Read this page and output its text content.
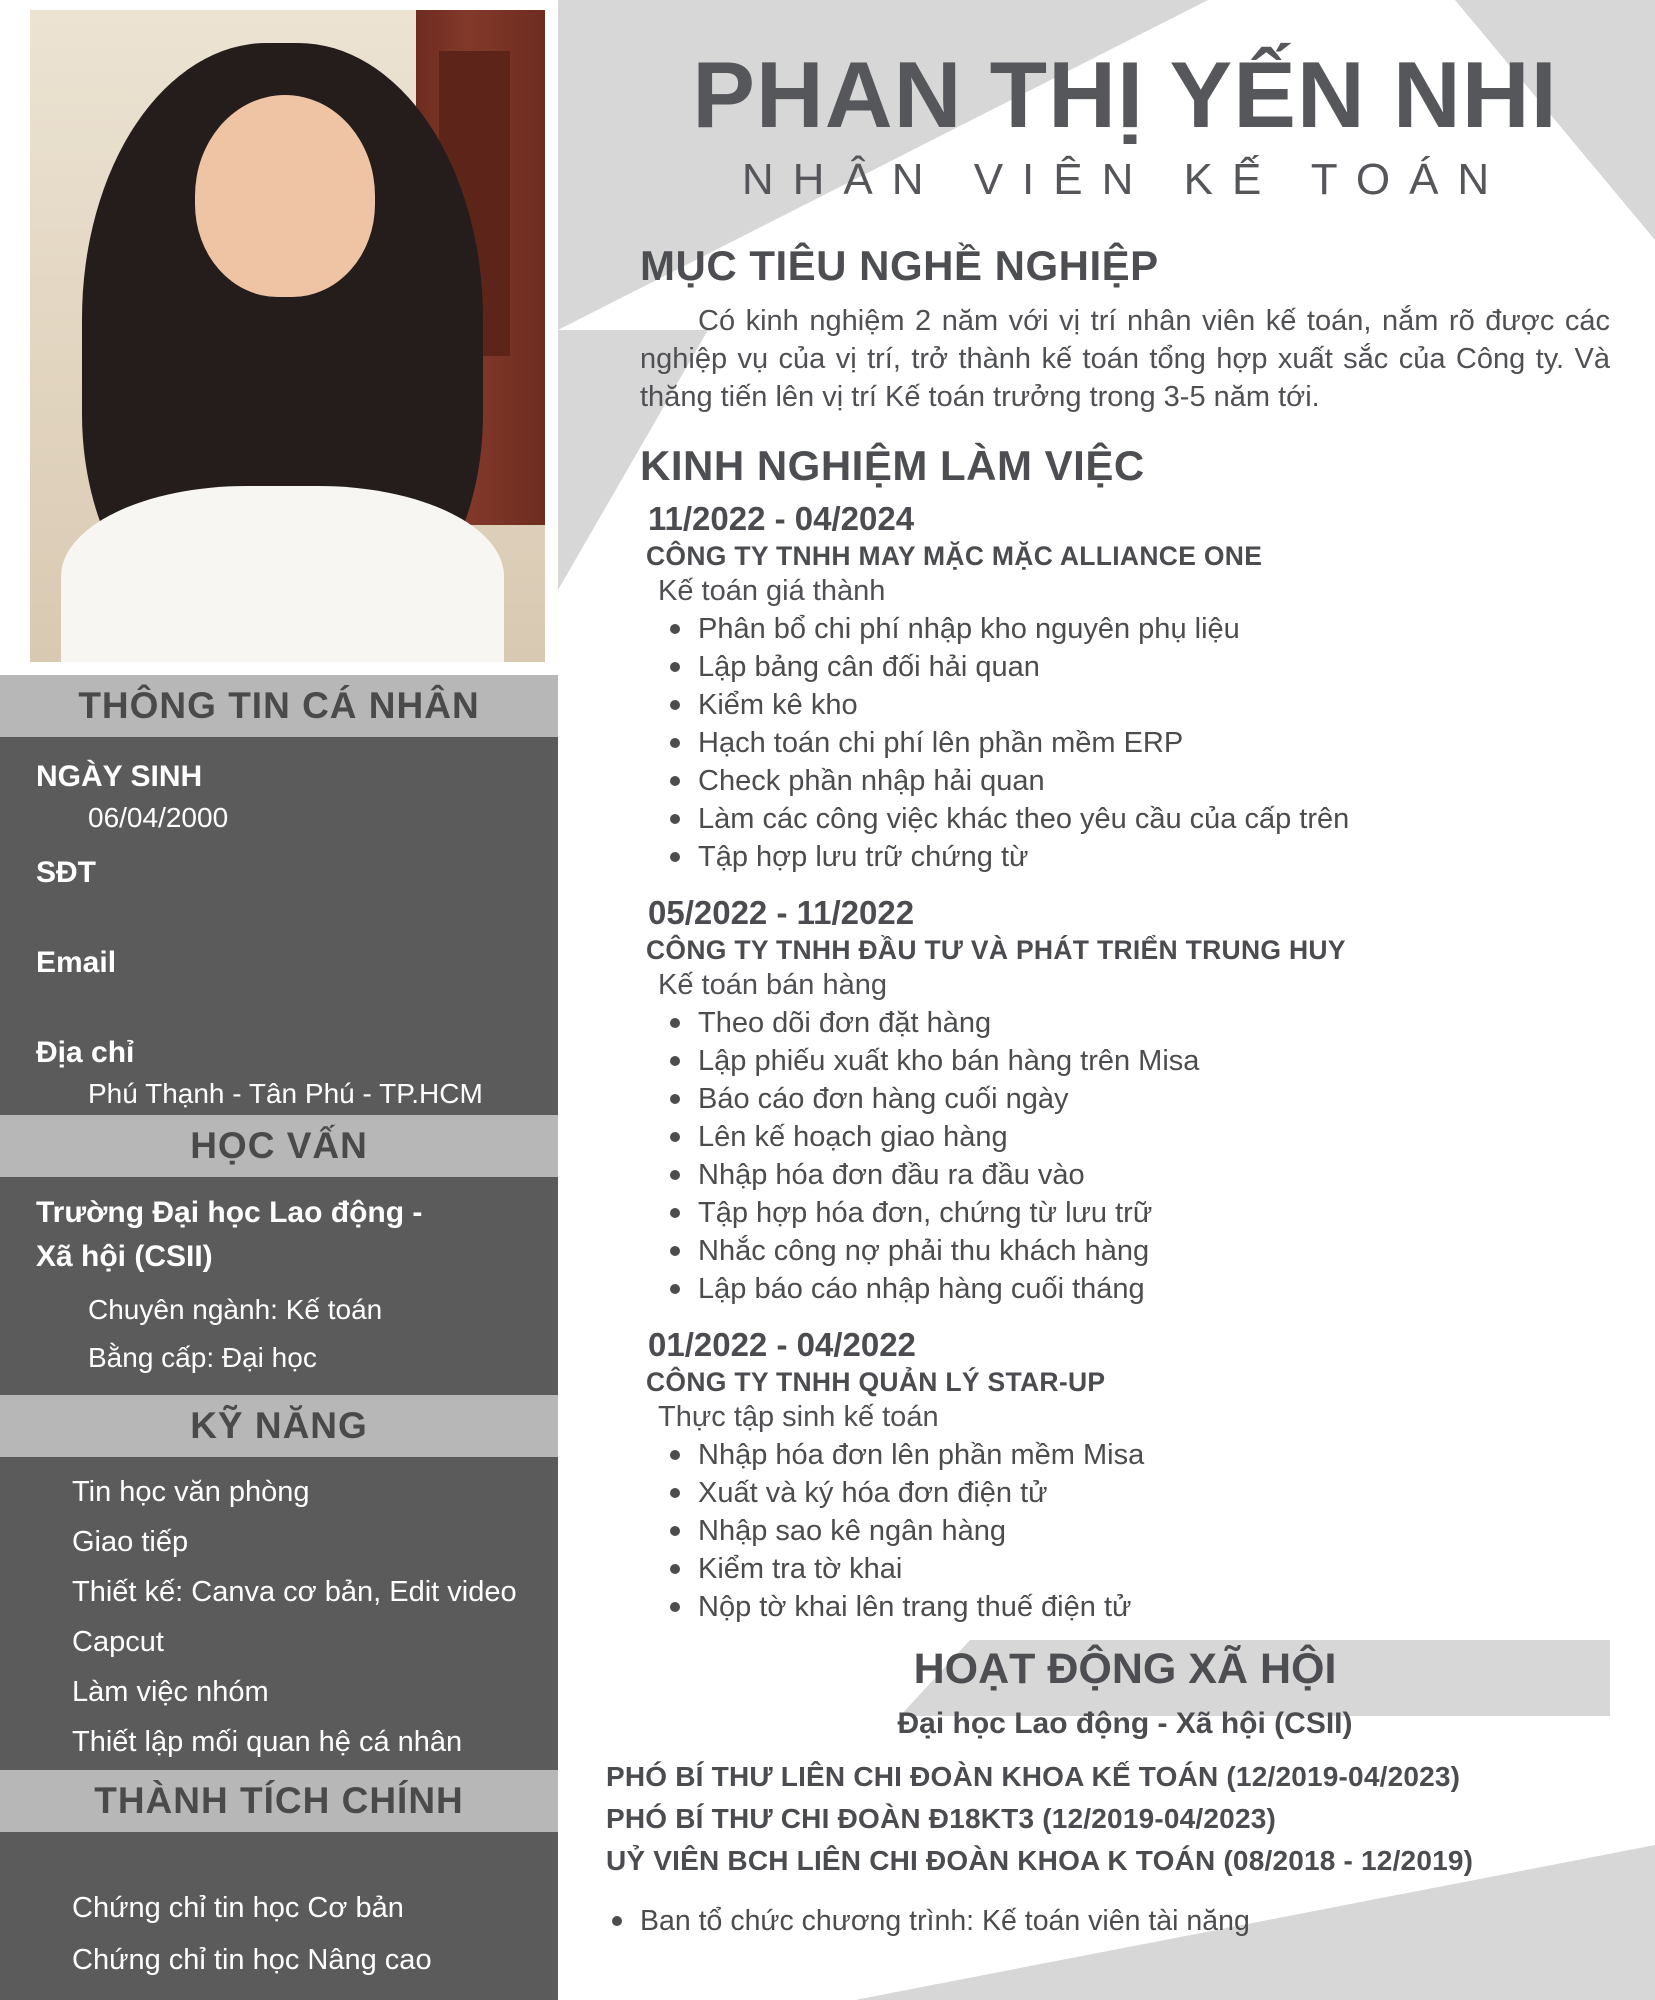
THÔNG TIN CÁ NHÂN
NGÀY SINH
06/04/2000
SĐT
Email
Địa chỉ
Phú Thạnh - Tân Phú - TP.HCM
HỌC VẤN
Trường Đại học Lao động - Xã hội (CSII)
Chuyên ngành: Kế toán
Bằng cấp: Đại học
KỸ NĂNG
Tin học văn phòng
Giao tiếp
Thiết kế: Canva cơ bản, Edit video Capcut
Làm việc nhóm
Thiết lập mối quan hệ cá nhân
THÀNH TÍCH CHÍNH
Chứng chỉ tin học Cơ bản
Chứng chỉ tin học Nâng cao
PHAN THỊ YẾN NHI
NHÂN VIÊN KẾ TOÁN
MỤC TIÊU NGHỀ NGHIỆP

Có kinh nghiệm 2 năm với vị trí nhân viên kế toán, nắm rõ được các nghiệp vụ của vị trí, trở thành kế toán tổng hợp xuất sắc của Công ty. Và thăng tiến lên vị trí Kế toán trưởng trong 3-5 năm tới.

KINH NGHIỆM LÀM VIỆC
11/2022 - 04/2024
CÔNG TY TNHH MAY MẶC MẶC ALLIANCE ONE
Kế toán giá thành
Phân bổ chi phí nhập kho nguyên phụ liệu
Lập bảng cân đối hải quan
Kiểm kê kho
Hạch toán chi phí lên phần mềm ERP
Check phần nhập hải quan
Làm các công việc khác theo yêu cầu của cấp trên
Tập hợp lưu trữ chứng từ
05/2022 - 11/2022
CÔNG TY TNHH ĐẦU TƯ VÀ PHÁT TRIỂN TRUNG HUY
Kế toán bán hàng
Theo dõi đơn đặt hàng
Lập phiếu xuất kho bán hàng trên Misa
Báo cáo đơn hàng cuối ngày
Lên kế hoạch giao hàng
Nhập hóa đơn đầu ra đầu vào
Tập hợp hóa đơn, chứng từ lưu trữ
Nhắc công nợ phải thu khách hàng
Lập báo cáo nhập hàng cuối tháng
01/2022 - 04/2022
CÔNG TY TNHH QUẢN LÝ STAR-UP
Thực tập sinh kế toán
Nhập hóa đơn lên phần mềm Misa
Xuất và ký hóa đơn điện tử
Nhập sao kê ngân hàng
Kiểm tra tờ khai
Nộp tờ khai lên trang thuế điện tử
HOẠT ĐỘNG XÃ HỘI
Đại học Lao động - Xã hội (CSII)
PHÓ BÍ THƯ LIÊN CHI ĐOÀN KHOA KẾ TOÁN (12/2019-04/2023)
PHÓ BÍ THƯ CHI ĐOÀN Đ18KT3 (12/2019-04/2023)
UỶ VIÊN BCH LIÊN CHI ĐOÀN KHOA K TOÁN (08/2018 - 12/2019)
Ban tổ chức chương trình: Kế toán viên tài năng
